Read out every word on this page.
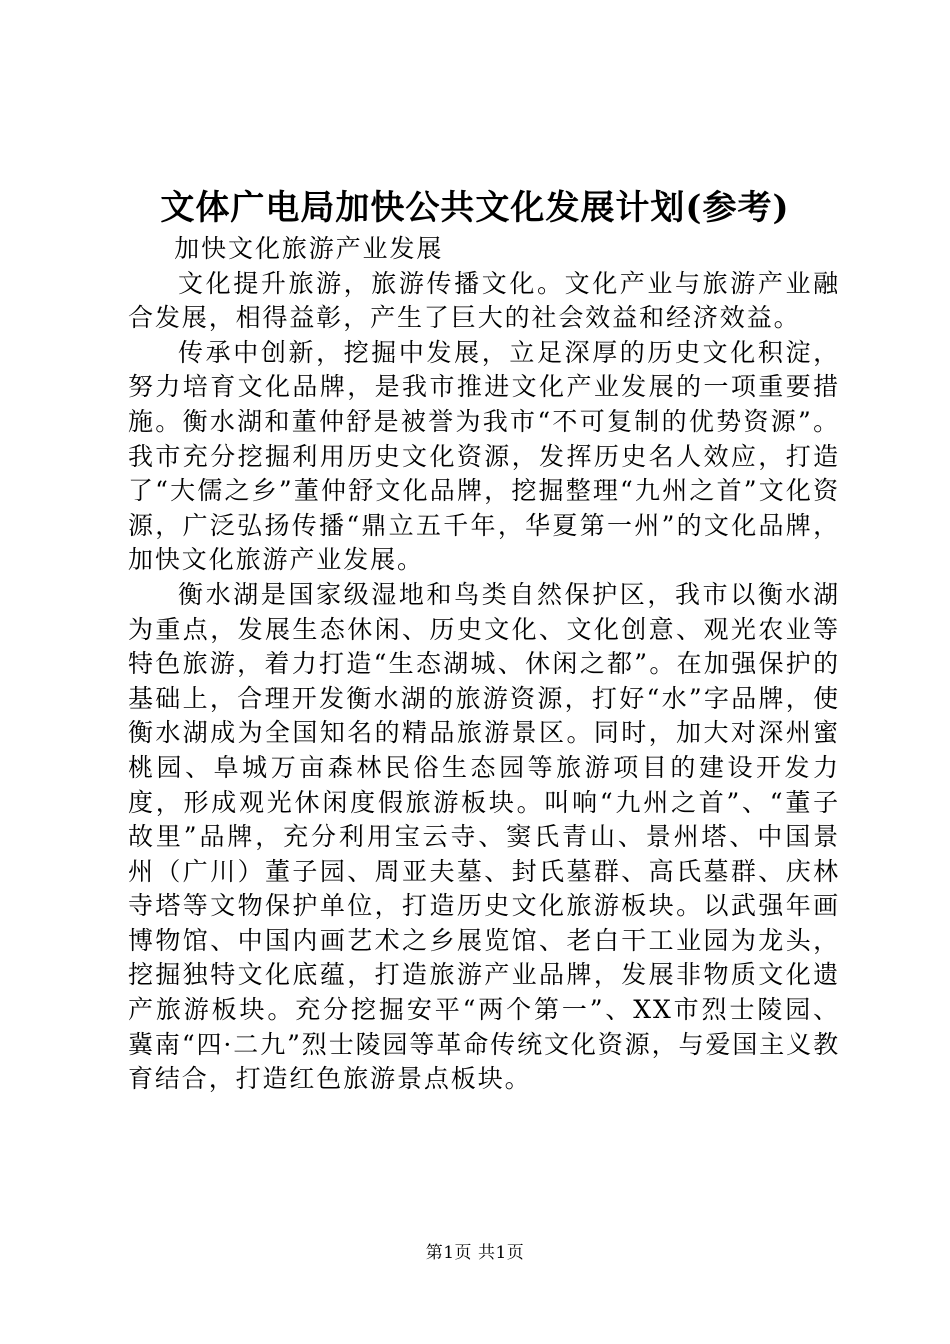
文体广电局加快公共文化发展计划(参考)

加快文化旅游产业发展

文化提升旅游，旅游传播文化。文化产业与旅游产业融合发展，相得益彰，产生了巨大的社会效益和经济效益。

传承中创新，挖掘中发展，立足深厚的历史文化积淀，努力培育文化品牌，是我市推进文化产业发展的一项重要措施。衡水湖和董仲舒是被誉为我市“不可复制的优势资源”。我市充分挖掘利用历史文化资源，发挥历史名人效应，打造了“大儒之乡”董仲舒文化品牌，挖掘整理“九州之首”文化资源，广泛弘扬传播“鼎立五千年，华夏第一州”的文化品牌，加快文化旅游产业发展。

衡水湖是国家级湿地和鸟类自然保护区，我市以衡水湖为重点，发展生态休闲、历史文化、文化创意、观光农业等特色旅游，着力打造“生态湖城、休闲之都”。在加强保护的基础上，合理开发衡水湖的旅游资源，打好“水”字品牌，使衡水湖成为全国知名的精品旅游景区。同时，加大对深州蜜桃园、阜城万亩森林民俗生态园等旅游项目的建设开发力度，形成观光休闲度假旅游板块。叫响“九州之首”、“董子故里”品牌，充分利用宝云寺、窦氏青山、景州塔、中国景州（广川）董子园、周亚夫墓、封氏墓群、高氏墓群、庆林寺塔等文物保护单位，打造历史文化旅游板块。以武强年画博物馆、中国内画艺术之乡展览馆、老白干工业园为龙头，挖掘独特文化底蕴，打造旅游产业品牌，发展非物质文化遗产旅游板块。充分挖掘安平“两个第一”、XX市烈士陵园、冀南“四·二九”烈士陵园等革命传统文化资源，与爱国主义教育结合，打造红色旅游景点板块。

第1页 共1页
